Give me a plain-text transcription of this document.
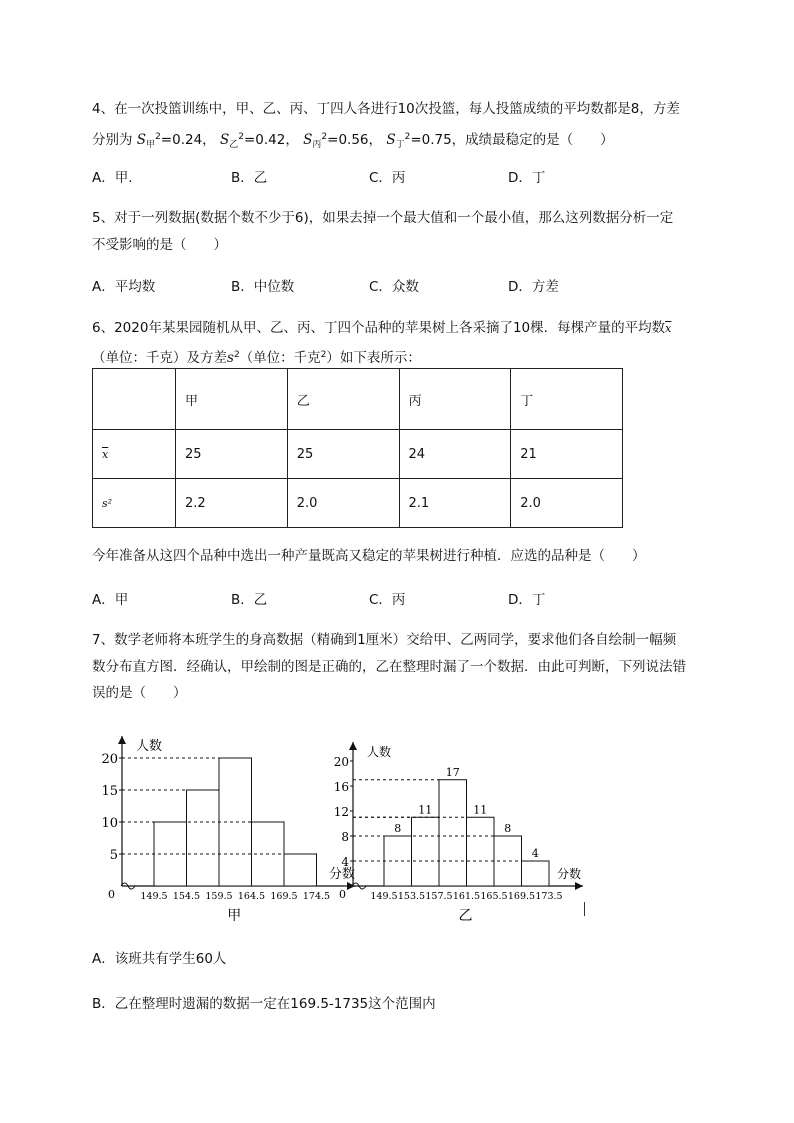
4、在一次投篮训练中，甲、乙、丙、丁四人各进行10次投篮，每人投篮成绩的平均数都是8，方差
分别为 $S_甲^2=0.24$， $S_乙^2=0.42$， $S_丙^2=0.56$， $S_丁^2=0.75$，成绩最稳定的是（　　）
A．甲.	B．乙	C．丙	D．丁
5、对于一列数据(数据个数不少于6)，如果去掉一个最大值和一个最小值，那么这列数据分析一定
不受影响的是（　　）
A．平均数	B．中位数	C．众数	D．方差
6、2020年某果园随机从甲、乙、丙、丁四个品种的苹果树上各采摘了10棵．每棵产量的平均数$\overline{x}$
（单位：千克）及方差$s^2$（单位：千克$^2$）如下表所示：
	甲	乙	丙	丁
$\overline{x}$	25	25	24	21
s²	2.2	2.0	2.1	2.0
今年准备从这四个品种中选出一种产量既高又稳定的苹果树进行种植．应选的品种是（　　）
A．甲	B．乙	C．丙	D．丁
7、数学老师将本班学生的身高数据（精确到1厘米）交给甲、乙两同学，要求他们各自绘制一幅频
数分布直方图．经确认，甲绘制的图是正确的，乙在整理时漏了一个数据．由此可判断，下列说法错
误的是（　　）
人数
分数
0
甲
5
10
15
20
149.5 154.5 159.5 164.5 169.5 174.5
人数
分数
0
乙
4
8
12
16
20
8
11
17
11
8
4
149.5 153.5 157.5 161.5 165.5 169.5 173.5
A．该班共有学生60人
B．乙在整理时遗漏的数据一定在169.5-1735这个范围内
